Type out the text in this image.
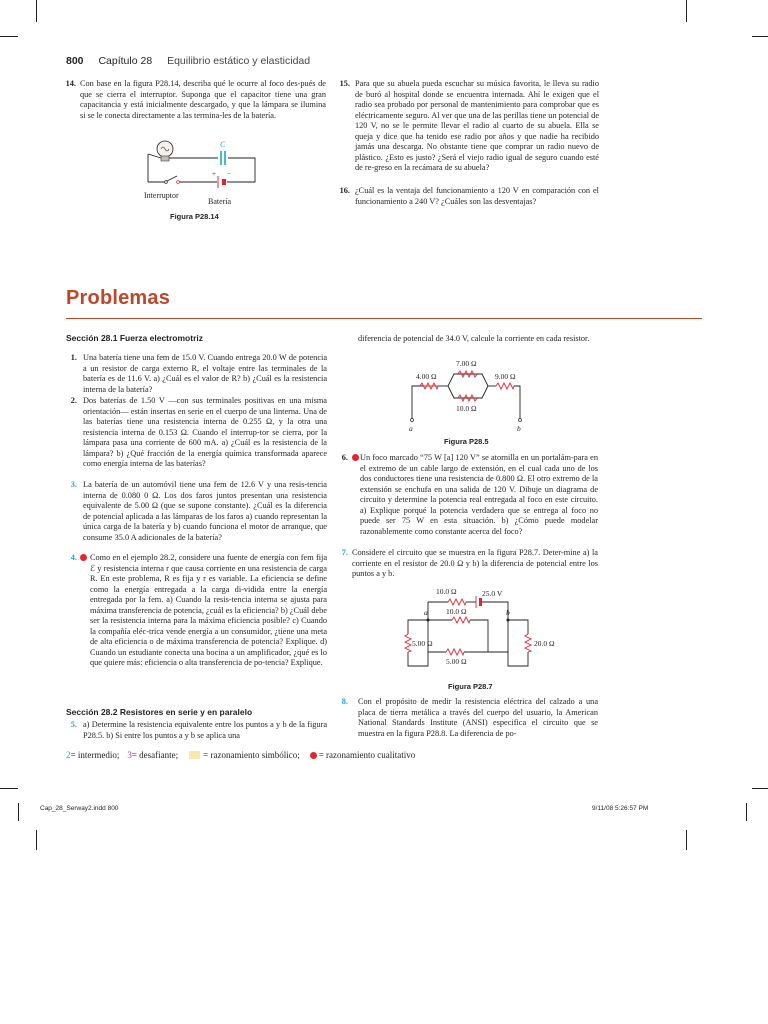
800 Capítulo 28 Equilibrio estático y elasticidad
14. Con base en la figura P28.14, describa qué le ocurre al foco des-pués de que se cierra el interruptor. Suponga que el capacitor tiene una gran capacitancia y está inicialmente descargado, y que la lámpara se ilumina si se le conecta directamente a las termina-les de la batería.

C
+ −
Interruptor
Batería
Figura P28.14
15. Para que su abuela pueda escuchar su música favorita, le lleva su radio de buró al hospital donde se encuentra internada. Ahí le exigen que el radio sea probado por personal de mantenimiento para comprobar que es eléctricamente seguro. Al ver que una de las perillas tiene un potencial de 120 V, no se le permite llevar el radio al cuarto de su abuela. Ella se queja y dice que ha tenido ese radio por años y que nadie ha recibido jamás una descarga. No obstante tiene que comprar un radio nuevo de plástico. ¿Esto es justo? ¿Será el viejo radio igual de seguro cuando esté de re-greso en la recámara de su abuela?

16. ¿Cuál es la ventaja del funcionamiento a 120 V en comparación con el funcionamiento a 240 V? ¿Cuáles son las desventajas?

Problemas
Sección 28.1 Fuerza electromotriz
1. Una batería tiene una fem de 15.0 V. Cuando entrega 20.0 W de potencia a un resistor de carga externo R, el voltaje entre las terminales de la batería es de 11.6 V. a) ¿Cuál es el valor de R? b) ¿Cuál es la resistencia interna de la batería?

2. Dos baterías de 1.50 V —con sus terminales positivas en una misma orientación— están insertas en serie en el cuerpo de una linterna. Una de las baterías tiene una resistencia interna de 0.255 Ω, y la otra una resistencia interna de 0.153 Ω. Cuando el interrup-tor se cierra, por la lámpara pasa una corriente de 600 mA. a) ¿Cuál es la resistencia de la lámpara? b) ¿Qué fracción de la energía química transformada aparece como energía interna de las baterías?

3. La batería de un automóvil tiene una fem de 12.6 V y una resis-tencia interna de 0.080 0 Ω. Los dos faros juntos presentan una resistencia equivalente de 5.00 Ω (que se supone constante). ¿Cuál es la diferencia de potencial aplicada a las lámparas de los faros a) cuando representan la única carga de la batería y b) cuando funciona el motor de arranque, que consume 35.0 A adicionales de la batería?

4. Como en el ejemplo 28.2, considere una fuente de energía con fem fija ℰ y resistencia interna r que causa corriente en una resistencia de carga R. En este problema, R es fija y r es variable. La eficiencia se define como la energía entregada a la carga di-vidida entre la energía entregada por la fem. a) Cuando la resis-tencia interna se ajusta para máxima transferencia de potencia, ¿cuál es la eficiencia? b) ¿Cuál debe ser la resistencia interna para la máxima eficiencia posible? c) Cuando la compañía eléc-trica vende energía a un consumidor, ¿tiene una meta de alta eficiencia o de máxima transferencia de potencia? Explique. d) Cuando un estudiante conecta una bocina a un amplificador, ¿qué es lo que quiere más: eficiencia o alta transferencia de po-tencia? Explique.

Sección 28.2 Resistores en serie y en paralelo
5. a) Determine la resistencia equivalente entre los puntos a y b de la figura P28.5. b) Si entre los puntos a y b se aplica una

diferencia de potencial de 34.0 V, calcule la corriente en cada resistor.

7.00 Ω
4.00 Ω	9.00 Ω
10.0 Ω
a	b
Figura P28.5
6. Un foco marcado “75 W [a] 120 V” se atornilla en un portalám-para en el extremo de un cable largo de extensión, en el cual cada uno de los dos conductores tiene una resistencia de 0.800 Ω. El otro extremo de la extensión se enchufa en una salida de 120 V. Dibuje un diagrama de circuito y determine la potencia real entregada al foco en este circuito. a) Explique porqué la potencia verdadera que se entrega al foco no puede ser 75 W en esta situación. b) ¿Cómo puede modelar razonablemente como constante acerca del foco?

7. Considere el circuito que se muestra en la figura P28.7. Deter-mine a) la corriente en el resistor de 20.0 Ω y b) la diferencia de potencial entre los puntos a y b.

10.0 Ω	25.0 V
10.0 Ω
5.00 Ω
5.00 Ω
20.0 Ω
a	b
Figura P28.7
8. Con el propósito de medir la resistencia eléctrica del calzado a una placa de tierra metálica a través del cuerpo del usuario, la American National Standards Institute (ANSI) especifica el circuito que se muestra en la figura P28.8. La diferencia de po-

2 = intermedio; 3 = desafiante;	= razonamiento simbólico; = razonamiento cualitativo
Cap_28_Serway2.indd 800	9/11/08 5:26:57 PM
